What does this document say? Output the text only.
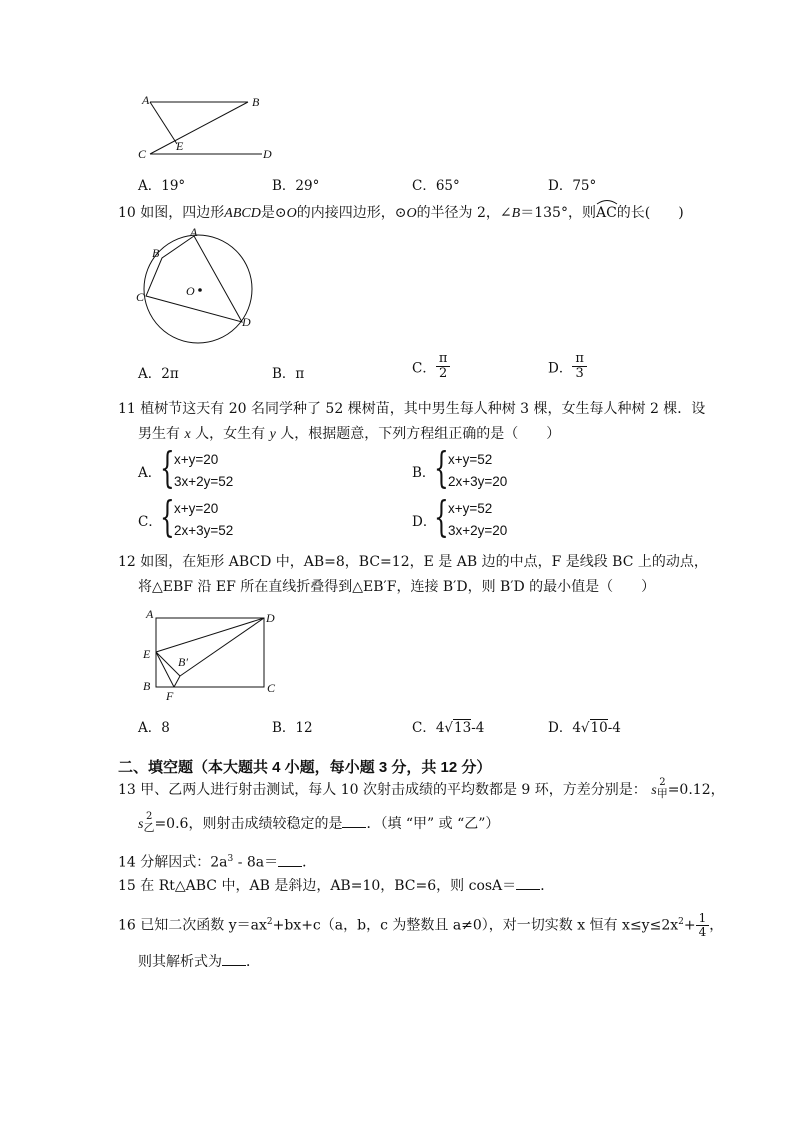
A	B
C	D
E
A．19°	B．29°	C．65°	D．75°
10 如图，四边形ABCD是⊙O的内接四边形，⊙O的半径为 2，∠B＝135°，则
AC的长(　　)
A
B
C
D
O
A．2π	B．π	C． $\frac{\pi}{2}$	D． $\frac{\pi}{3}$
11 植树节这天有 20 名同学种了 52 棵树苗，其中男生每人种树 3 棵，女生每人种树 2 棵．设
男生有 x 人，女生有 y 人，根据题意，下列方程组正确的是（　　）
A．
{ x+y=20
3x+2y=52
B．
{ x+y=52
2x+3y=20
C．
{ x+y=20
2x+3y=52
D．
{ x+y=52
3x+2y=20
12 如图，在矩形 ABCD 中，AB=8，BC=12，E 是 AB 边的中点，F 是线段 BC 上的动点，
将△EBF 沿 EF 所在直线折叠得到△EB′F，连接 B′D，则 B′D 的最小值是（　　）
A	D
E
B′
B
F
C
A．8	B．12	C．4√13-4	D．4√10-4
二、填空题（本大题共 4 小题，每小题 3 分，共 12 分）
13 甲、乙两人进行射击测试，每人 10 次射击成绩的平均数都是 9 环，方差分别是： s
2
$_甲$=0.12，
s
2
$_乙$=0.6，则射击成绩较稳定的是 ．（填 “甲” 或 “乙”）
14 分解因式：$2a^3 - 8a=$ ．
15 在 Rt△ABC 中，AB 是斜边，AB=10，BC=6，则 cosA＝ ．
16 已知二次函数 $y=ax^2+bx+c(a$，b，c 为整数且 a≠0），对一切实数 x 恒有 $x\le y\le 2x^2+ \frac{1}{4}$ ，
则其解析式为 ．
